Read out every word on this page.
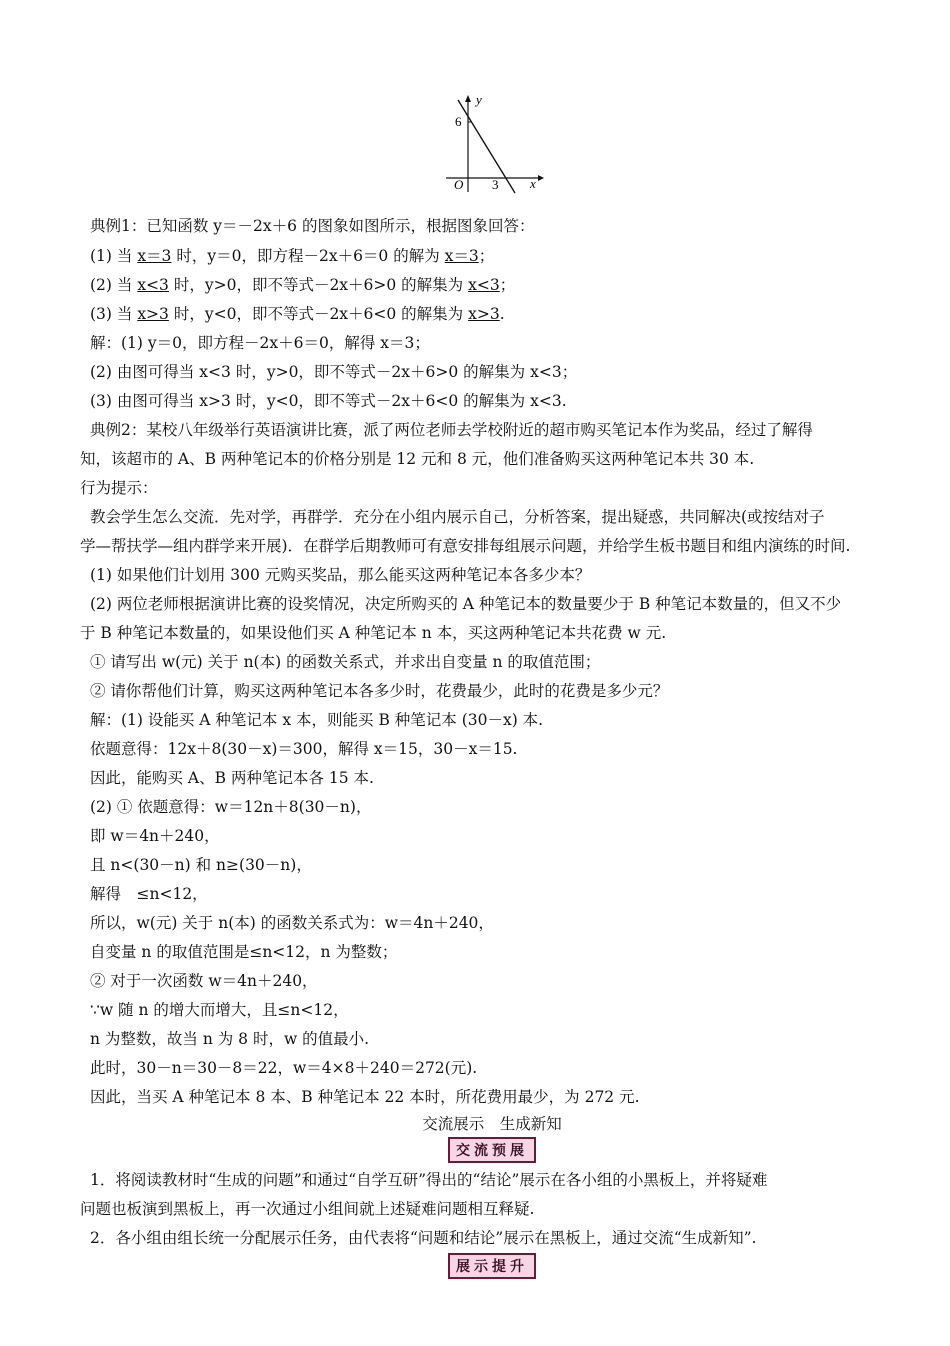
y
x
O
6
3
典例1：已知函数 y＝－2x＋6 的图象如图所示，根据图象回答：
(1) 当 x＝3 时，y＝0，即方程－2x＋6＝0 的解为 x＝3；
(2) 当 x<3 时，y>0，即不等式－2x＋6>0 的解集为 x<3；
(3) 当 x>3 时，y<0，即不等式－2x＋6<0 的解集为 x>3.
解：(1) y＝0，即方程－2x＋6＝0，解得 x＝3；
(2) 由图可得当 x<3 时，y>0，即不等式－2x＋6>0 的解集为 x<3；
(3) 由图可得当 x>3 时，y<0，即不等式－2x＋6<0 的解集为 x<3.
典例2：某校八年级举行英语演讲比赛，派了两位老师去学校附近的超市购买笔记本作为奖品，经过了解得
知，该超市的 A、B 两种笔记本的价格分别是 12 元和 8 元，他们准备购买这两种笔记本共 30 本.
行为提示：
教会学生怎么交流．先对学，再群学．充分在小组内展示自己，分析答案，提出疑惑，共同解决(或按结对子
学—帮扶学—组内群学来开展)．在群学后期教师可有意安排每组展示问题，并给学生板书题目和组内演练的时间.
(1) 如果他们计划用 300 元购买奖品，那么能买这两种笔记本各多少本？
(2) 两位老师根据演讲比赛的设奖情况，决定所购买的 A 种笔记本的数量要少于 B 种笔记本数量的，但又不少
于 B 种笔记本数量的，如果设他们买 A 种笔记本 n 本，买这两种笔记本共花费 w 元.
① 请写出 w(元) 关于 n(本) 的函数关系式，并求出自变量 n 的取值范围；
② 请你帮他们计算，购买这两种笔记本各多少时，花费最少，此时的花费是多少元？
解：(1) 设能买 A 种笔记本 x 本，则能买 B 种笔记本 (30－x) 本.
依题意得：12x＋8(30－x)＝300，解得 x＝15，30－x＝15.
因此，能购买 A、B 两种笔记本各 15 本.
(2) ① 依题意得：w＝12n＋8(30－n)，
即 w＝4n＋240，
且 n<(30－n) 和 n≥(30－n)，
解得　≤n<12，
所以，w(元) 关于 n(本) 的函数关系式为：w＝4n＋240，
自变量 n 的取值范围是≤n<12，n 为整数；
② 对于一次函数 w＝4n＋240，
∵w 随 n 的增大而增大，且≤n<12，
n 为整数，故当 n 为 8 时，w 的值最小.
此时，30－n＝30－8＝22，w＝4×8＋240＝272(元).
因此，当买 A 种笔记本 8 本、B 种笔记本 22 本时，所花费用最少，为 272 元.
交流展示　生成新知
交流预展
1．将阅读教材时“生成的问题”和通过“自学互研”得出的“结论”展示在各小组的小黑板上，并将疑难
问题也板演到黑板上，再一次通过小组间就上述疑难问题相互释疑.
2．各小组由组长统一分配展示任务，由代表将“问题和结论”展示在黑板上，通过交流“生成新知”.
展示提升
